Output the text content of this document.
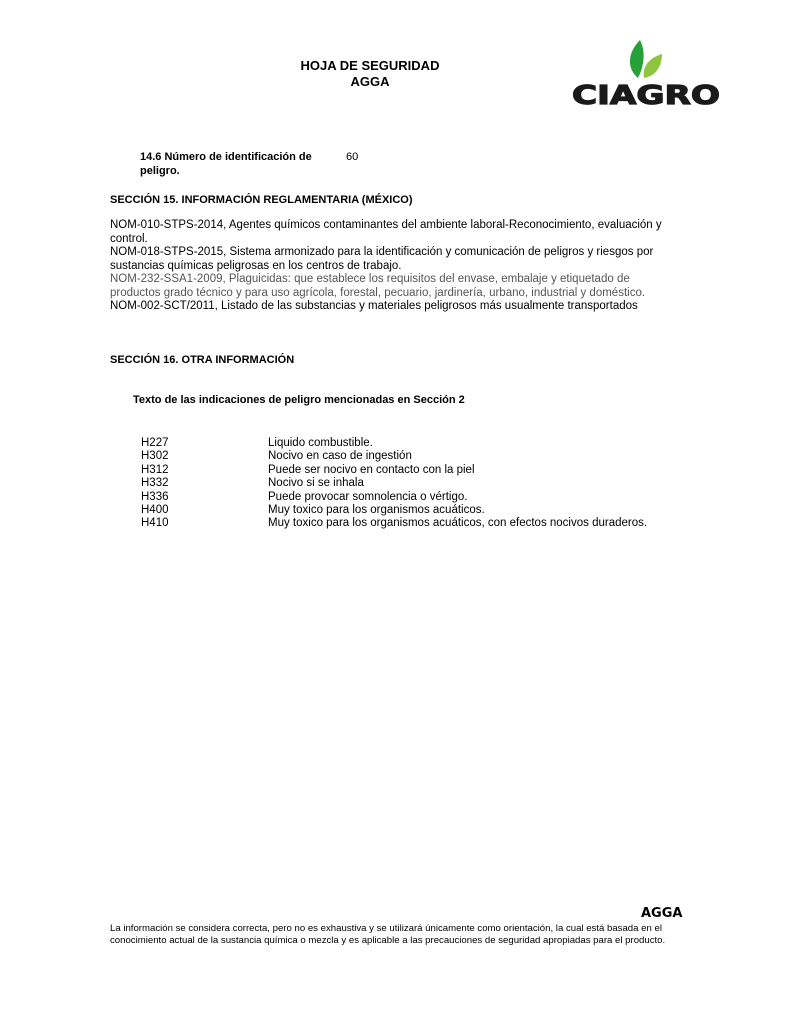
HOJA DE SEGURIDAD
AGGA	CIAGRO
14.6 Número de identificación de peligro.
60
SECCIÓN 15. INFORMACIÓN REGLAMENTARIA (MÉXICO)

NOM-010-STPS-2014, Agentes químicos contaminantes del ambiente laboral-Reconocimiento, evaluación y control.

NOM-018-STPS-2015, Sistema armonizado para la identificación y comunicación de peligros y riesgos por sustancias químicas peligrosas en los centros de trabajo.

NOM-232-SSA1-2009, Plaguicidas: que establece los requisitos del envase, embalaje y etiquetado de productos grado técnico y para uso agrícola, forestal, pecuario, jardinería, urbano, industrial y doméstico.

NOM-002-SCT/2011, Listado de las substancias y materiales peligrosos más usualmente transportados

SECCIÓN 16. OTRA INFORMACIÓN
Texto de las indicaciones de peligro mencionadas en Sección 2
H227	Liquido combustible.
H302	Nocivo en caso de ingestión
H312	Puede ser nocivo en contacto con la piel
H332	Nocivo si se inhala
H336	Puede provocar somnolencia o vértigo.
H400	Muy toxico para los organismos acuáticos.
H410	Muy toxico para los organismos acuáticos, con efectos nocivos duraderos.
AGGA
La información se considera correcta, pero no es exhaustiva y se utilizará únicamente como orientación, la cual está basada en el conocimiento actual de la sustancia química o mezcla y es aplicable a las precauciones de seguridad apropiadas para el producto.
